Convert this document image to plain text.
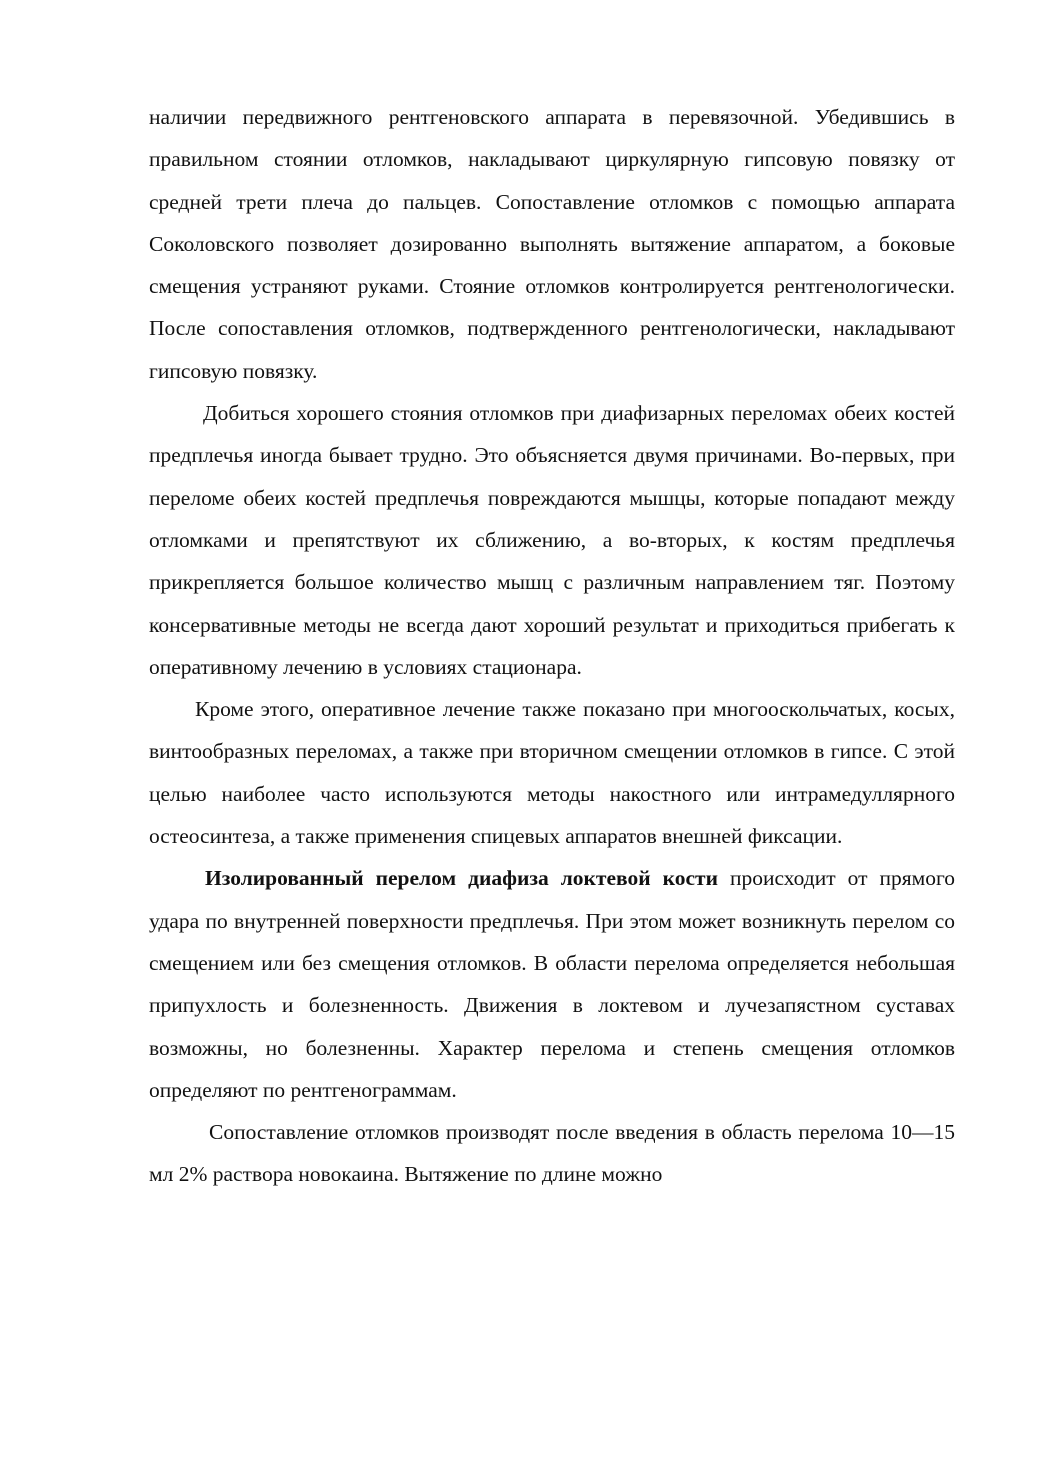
наличии передвижного рентгеновского аппарата в перевязочной. Убедившись в правильном стоянии отломков, накладывают циркулярную гипсовую повязку от средней трети плеча до пальцев. Сопоставление отломков с помощью аппарата Соколовского позволяет дозированно выполнять вытяжение аппаратом, а боковые смещения устраняют руками. Стояние отломков контролируется рентгенологически. После сопоставления отломков, подтвержденного рентгенологически, накладывают гипсовую повязку.

Добиться хорошего стояния отломков при диафизарных переломах обеих костей предплечья иногда бывает трудно. Это объясняется двумя причинами. Во-первых, при переломе обеих костей предплечья повреждаются мышцы, которые попадают между отломками и препятствуют их сближению, а во-вторых, к костям предплечья прикрепляется большое количество мышц с различным направлением тяг. Поэтому консервативные методы не всегда дают хороший результат и приходиться прибегать к оперативному лечению в условиях стационара.

Кроме этого, оперативное лечение также показано при многооскольчатых, косых, винтообразных переломах, а также при вторичном смещении отломков в гипсе. С этой целью наиболее часто используются методы накостного или интрамедуллярного остеосинтеза, а также применения спицевых аппаратов внешней фиксации.

Изолированный перелом диафиза локтевой кости происходит от прямого удара по внутренней поверхности предплечья. При этом может возникнуть перелом со смещением или без смещения отломков. В области перелома определяется небольшая припухлость и болезненность. Движения в локтевом и лучезапястном суставах возможны, но болезненны. Характер перелома и степень смещения отломков определяют по рентгенограммам.

Сопоставление отломков производят после введения в область перелома 10—15 мл 2% раствора новокаина. Вытяжение по длине можно
